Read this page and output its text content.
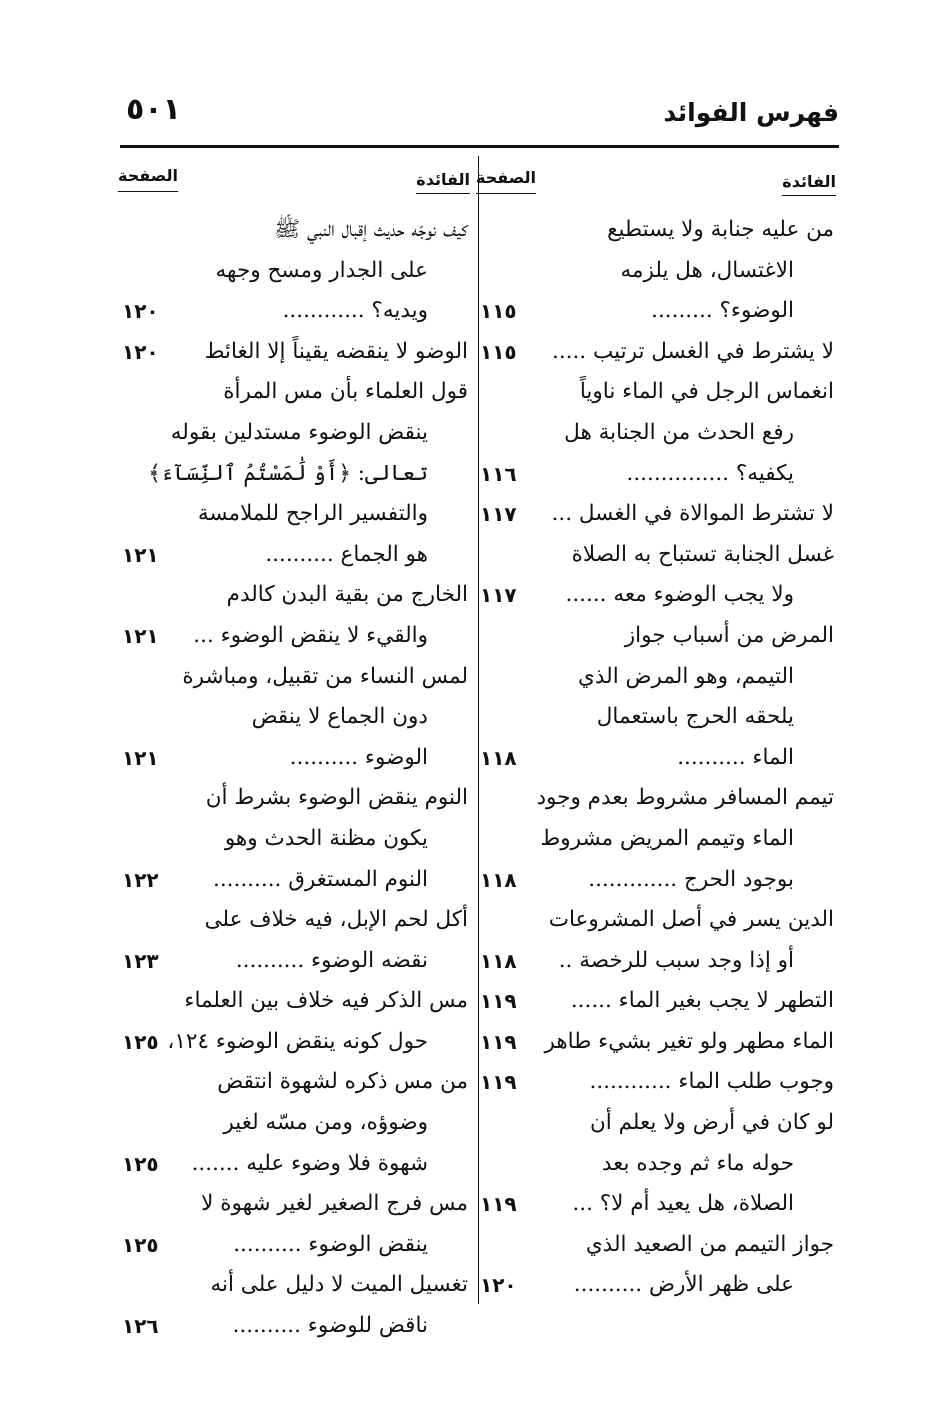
فهرس الفوائد
٥٠١
الفائدة
الصفحة
من عليه جنابة ولا يستطيع
الاغتسال، هل يلزمه
الوضوء؟ .........
١١٥
لا يشترط في الغسل ترتيب .....
١١٥
انغماس الرجل في الماء ناوياً
رفع الحدث من الجنابة هل
يكفيه؟ ...............
١١٦
لا تشترط الموالاة في الغسل ...
١١٧
غسل الجنابة تستباح به الصلاة
ولا يجب الوضوء معه ......
١١٧
المرض من أسباب جواز
التيمم، وهو المرض الذي
يلحقه الحرج باستعمال
الماء ..........
١١٨
تيمم المسافر مشروط بعدم وجود
الماء وتيمم المريض مشروط
بوجود الحرج .............
١١٨
الدين يسر في أصل المشروعات
أو إذا وجد سبب للرخصة ..
١١٨
التطهر لا يجب بغير الماء ......
١١٩
الماء مطهر ولو تغير بشيء طاهر
١١٩
وجوب طلب الماء ............
١١٩
لو كان في أرض ولا يعلم أن
حوله ماء ثم وجده بعد
الصلاة، هل يعيد أم لا؟ ...
١١٩
جواز التيمم من الصعيد الذي
على ظهر الأرض ..........
١٢٠
الفائدة
الصفحة
كيف نوجّه حديث إقبال النبي ﷺ
على الجدار ومسح وجهه
ويديه؟ ............
١٢٠
الوضو لا ينقضه يقيناً إلا الغائط
١٢٠
قول العلماء بأن مس المرأة
ينقض الوضوء مستدلين بقوله
تعالى: ﴿أَوْ لَٰمَسْتُمُ ٱلنِّسَآءَ﴾
والتفسير الراجح للملامسة
هو الجماع ..........
١٢١
الخارج من بقية البدن كالدم
والقيء لا ينقض الوضوء ...
١٢١
لمس النساء من تقبيل، ومباشرة
دون الجماع لا ينقض
الوضوء ..........
١٢١
النوم ينقض الوضوء بشرط أن
يكون مظنة الحدث وهو
النوم المستغرق ..........
١٢٢
أكل لحم الإبل، فيه خلاف على
نقضه الوضوء ..........
١٢٣
مس الذكر فيه خلاف بين العلماء
حول كونه ينقض الوضوء ١٢٤،
١٢٥
من مس ذكره لشهوة انتقض
وضوؤه، ومن مسّه لغير
شهوة فلا وضوء عليه .......
١٢٥
مس فرج الصغير لغير شهوة لا
ينقض الوضوء ..........
١٢٥
تغسيل الميت لا دليل على أنه
ناقض للوضوء ..........
١٢٦
